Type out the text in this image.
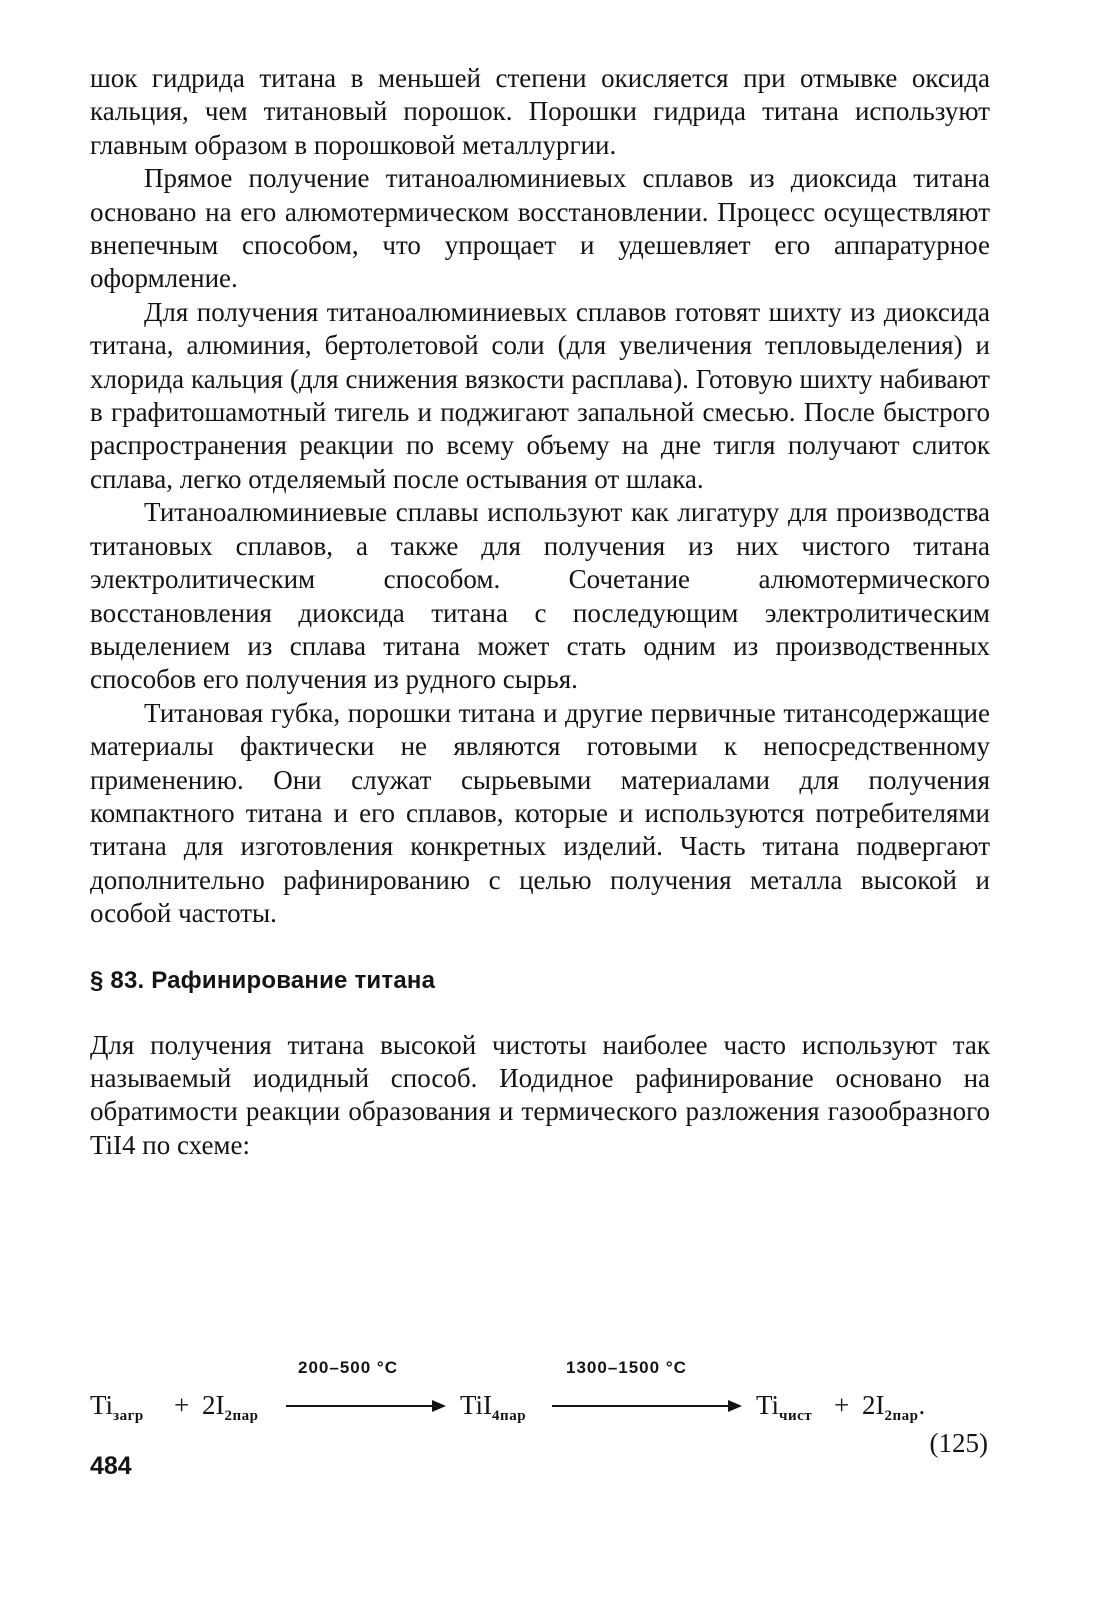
шок гидрида титана в меньшей степени окисляется при отмывке оксида кальция, чем титановый порошок. Порошки гидрида титана используют главным образом в порошковой металлургии.

Прямое получение титаноалюминиевых сплавов из диоксида титана основано на его алюмотермическом восстановлении. Процесс осуществляют внепечным способом, что упрощает и удешевляет его аппаратурное оформление.

Для получения титаноалюминиевых сплавов готовят шихту из диоксида титана, алюминия, бертолетовой соли (для увеличения тепловыделения) и хлорида кальция (для снижения вязкости расплава). Готовую шихту набивают в графитошамотный тигель и поджигают запальной смесью. После быстрого распространения реакции по всему объему на дне тигля получают слиток сплава, легко отделяемый после остывания от шлака.

Титаноалюминиевые сплавы используют как лигатуру для производства титановых сплавов, а также для получения из них чистого титана электролитическим способом. Сочетание алюмотермического восстановления диоксида титана с последующим электролитическим выделением из сплава титана может стать одним из производственных способов его получения из рудного сырья.

Титановая губка, порошки титана и другие первичные титансодержащие материалы фактически не являются готовыми к непосредственному применению. Они служат сырьевыми материалами для получения компактного титана и его сплавов, которые и используются потребителями титана для изготовления конкретных изделий. Часть титана подвергают дополнительно рафинированию с целью получения металла высокой и особой частоты.

§ 83. Рафинирование титана

Для получения титана высокой чистоты наиболее часто используют так называемый иодидный способ. Иодидное рафинирование основано на обратимости реакции образования и термического разложения газообразного TiI4 по схеме:

$Ti_{загр} + 2I_{2пар}$
200–500 °C
TiI$_{4пар}$
1300–1500 °C
$Ti_{чист} + 2I_{2пар}$.
(125)
484
